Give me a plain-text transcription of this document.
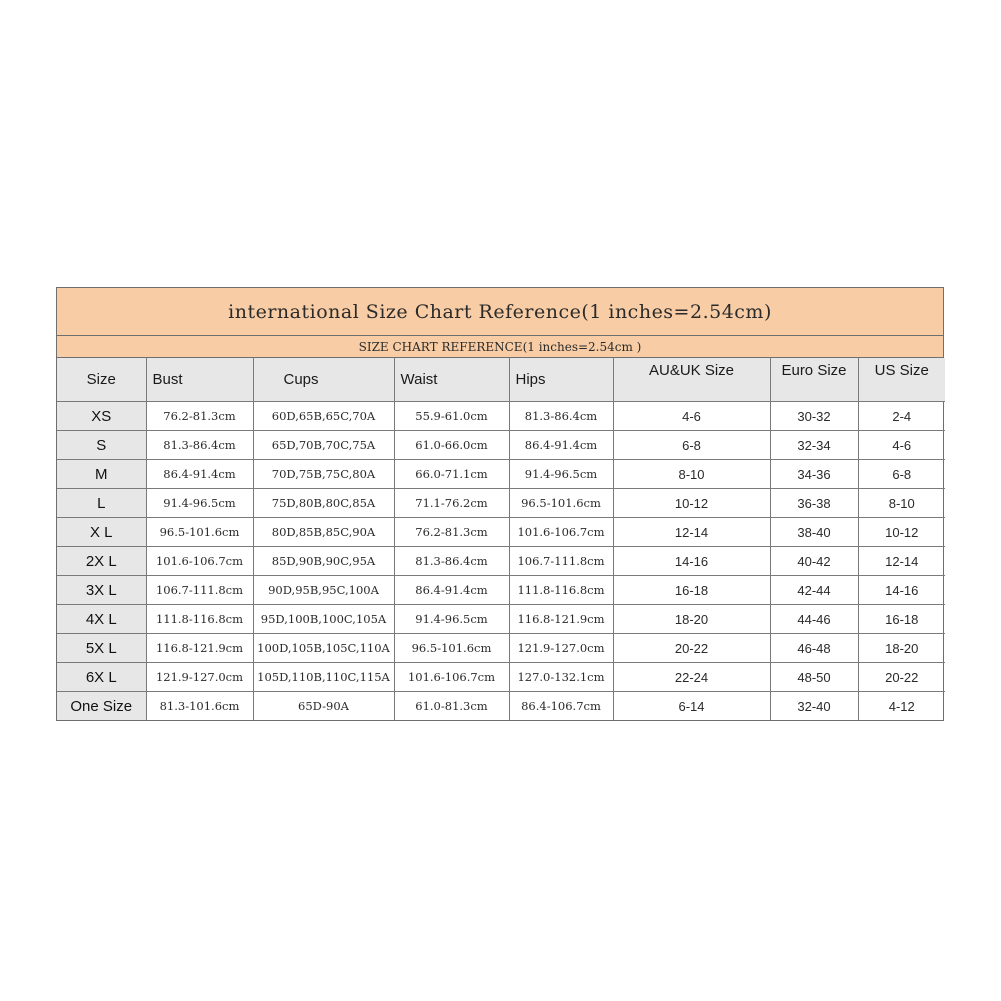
international Size Chart Reference(1 inches=2.54cm)
SIZE CHART REFERENCE(1 inches=2.54cm )
Size	Bust	Cups	Waist	Hips	AU&UK Size	Euro Size	US Size
XS	76.2-81.3cm	60D,65B,65C,70A	55.9-61.0cm	81.3-86.4cm	4-6	30-32	2-4
S	81.3-86.4cm	65D,70B,70C,75A	61.0-66.0cm	86.4-91.4cm	6-8	32-34	4-6
M	86.4-91.4cm	70D,75B,75C,80A	66.0-71.1cm	91.4-96.5cm	8-10	34-36	6-8
L	91.4-96.5cm	75D,80B,80C,85A	71.1-76.2cm	96.5-101.6cm	10-12	36-38	8-10
X L	96.5-101.6cm	80D,85B,85C,90A	76.2-81.3cm	101.6-106.7cm	12-14	38-40	10-12
2X L	101.6-106.7cm	85D,90B,90C,95A	81.3-86.4cm	106.7-111.8cm	14-16	40-42	12-14
3X L	106.7-111.8cm	90D,95B,95C,100A	86.4-91.4cm	111.8-116.8cm	16-18	42-44	14-16
4X L	111.8-116.8cm	95D,100B,100C,105A	91.4-96.5cm	116.8-121.9cm	18-20	44-46	16-18
5X L	116.8-121.9cm	100D,105B,105C,110A	96.5-101.6cm	121.9-127.0cm	20-22	46-48	18-20
6X L	121.9-127.0cm	105D,110B,110C,115A	101.6-106.7cm	127.0-132.1cm	22-24	48-50	20-22
One Size	81.3-101.6cm	65D-90A	61.0-81.3cm	86.4-106.7cm	6-14	32-40	4-12
